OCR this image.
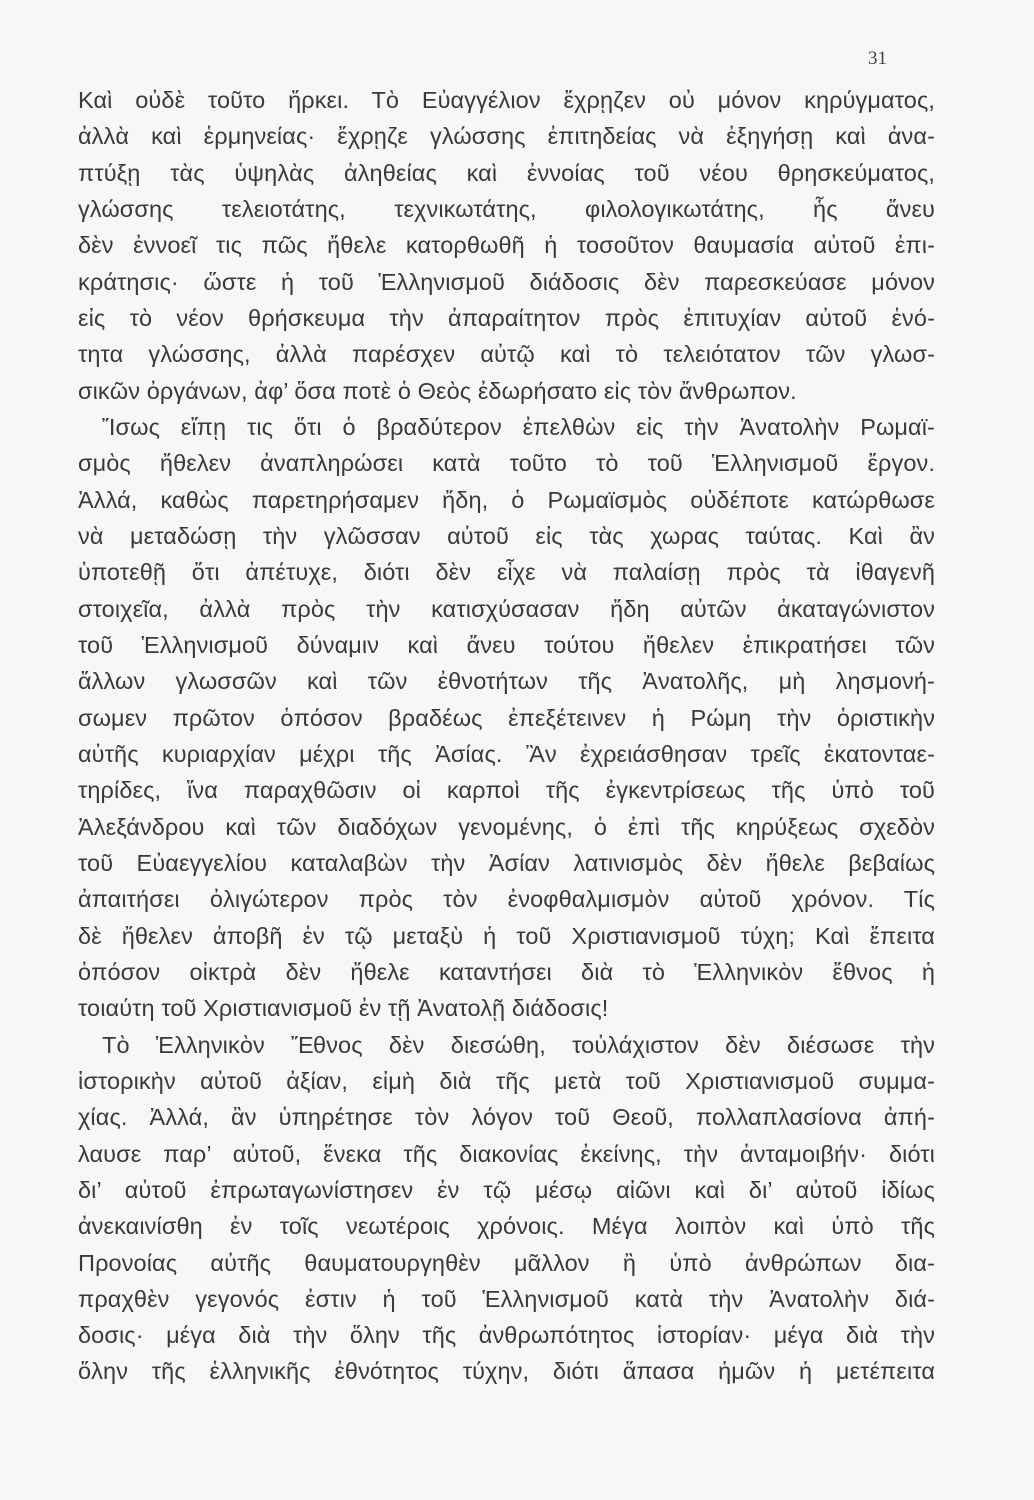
31
Καὶ οὐδὲ τοῦτο ἤρκει. Τὸ Εὐαγγέλιον ἔχρῃζεν οὐ μόνον κηρύγματος,
ἀλλὰ καὶ ἑρμηνείας· ἔχρῃζε γλώσσης ἐπιτηδείας νὰ ἐξηγήσῃ καὶ ἀνα-
πτύξῃ τὰς ὑψηλὰς ἀληθείας καὶ ἐννοίας τοῦ νέου θρησκεύματος,
γλώσσης τελειοτάτης, τεχνικωτάτης, φιλολογικωτάτης, ἧς ἄνευ
δὲν ἐννοεῖ τις πῶς ἤθελε κατορθωθῆ ἡ τοσοῦτον θαυμασία αὐτοῦ ἐπι-
κράτησις· ὥστε ἡ τοῦ Ἑλληνισμοῦ διάδοσις δὲν παρεσκεύασε μόνον
εἰς τὸ νέον θρήσκευμα τὴν ἀπαραίτητον πρὸς ἐπιτυχίαν αὐτοῦ ἑνό-
τητα γλώσσης, ἀλλὰ παρέσχεν αὐτῷ καὶ τὸ τελειότατον τῶν γλωσ-
σικῶν ὀργάνων, ἀφ’ ὅσα ποτὲ ὁ Θεὸς ἐδωρήσατο εἰς τὸν ἄνθρωπον.
Ἴσως εἴπῃ τις ὅτι ὁ βραδύτερον ἐπελθὼν εἰς τὴν Ἀνατολὴν Ρωμαϊ-
σμὸς ἤθελεν ἀναπληρώσει κατὰ τοῦτο τὸ τοῦ Ἑλληνισμοῦ ἔργον.
Ἀλλά, καθὼς παρετηρήσαμεν ἤδη, ὁ Ρωμαϊσμὸς οὐδέποτε κατώρθωσε
νὰ μεταδώσῃ τὴν γλῶσσαν αὐτοῦ εἰς τὰς χωρας ταύτας. Καὶ ἂν
ὑποτεθῇ ὅτι ἀπέτυχε, διότι δὲν εἶχε νὰ παλαίσῃ πρὸς τὰ ἰθαγενῆ
στοιχεῖα, ἀλλὰ πρὸς τὴν κατισχύσασαν ἤδη αὐτῶν ἀκαταγώνιστον
τοῦ Ἑλληνισμοῦ δύναμιν καὶ ἄνευ τούτου ἤθελεν ἐπικρατήσει τῶν
ἄλλων γλωσσῶν καὶ τῶν ἐθνοτήτων τῆς Ἀνατολῆς, μὴ λησμονή-
σωμεν πρῶτον ὁπόσον βραδέως ἐπεξέτεινεν ἡ Ρώμη τὴν ὁριστικὴν
αὐτῆς κυριαρχίαν μέχρι τῆς Ἀσίας. Ἂν ἐχρειάσθησαν τρεῖς ἑκατονταε-
τηρίδες, ἵνα παραχθῶσιν οἱ καρποὶ τῆς ἐγκεντρίσεως τῆς ὑπὸ τοῦ
Ἀλεξάνδρου καὶ τῶν διαδόχων γενομένης, ὁ ἐπὶ τῆς κηρύξεως σχεδὸν
τοῦ Εὐαεγγελίου καταλαβὼν τὴν Ἀσίαν λατινισμὸς δὲν ἤθελε βεβαίως
ἀπαιτήσει ὀλιγώτερον πρὸς τὸν ἐνοφθαλμισμὸν αὐτοῦ χρόνον. Τίς
δὲ ἤθελεν ἀποβῆ ἐν τῷ μεταξὺ ἡ τοῦ Χριστιανισμοῦ τύχη; Καὶ ἔπειτα
ὁπόσον οἰκτρὰ δὲν ἤθελε καταντήσει διὰ τὸ Ἑλληνικὸν ἔθνος ἡ
τοιαύτη τοῦ Χριστιανισμοῦ ἐν τῇ Ἀνατολῇ διάδοσις!
Τὸ Ἑλληνικὸν Ἔθνος δὲν διεσώθη, τοὐλάχιστον δὲν διέσωσε τὴν
ἱστορικὴν αὐτοῦ ἀξίαν, εἰμὴ διὰ τῆς μετὰ τοῦ Χριστιανισμοῦ συμμα-
χίας. Ἀλλά, ἂν ὑπηρέτησε τὸν λόγον τοῦ Θεοῦ, πολλαπλασίονα ἀπή-
λαυσε παρ’ αὐτοῦ, ἕνεκα τῆς διακονίας ἐκείνης, τὴν ἀνταμοιβήν· διότι
δι’ αὐτοῦ ἐπρωταγωνίστησεν ἐν τῷ μέσῳ αἰῶνι καὶ δι’ αὐτοῦ ἰδίως
ἀνεκαινίσθη ἐν τοῖς νεωτέροις χρόνοις. Μέγα λοιπὸν καὶ ὑπὸ τῆς
Προνοίας αὐτῆς θαυματουργηθὲν μᾶλλον ἢ ὑπὸ ἀνθρώπων δια-
πραχθὲν γεγονός ἐστιν ἡ τοῦ Ἑλληνισμοῦ κατὰ τὴν Ἀνατολὴν διά-
δοσις· μέγα διὰ τὴν ὅλην τῆς ἀνθρωπότητος ἱστορίαν· μέγα διὰ τὴν
ὅλην τῆς ἑλληνικῆς ἐθνότητος τύχην, διότι ἅπασα ἡμῶν ἡ μετέπειτα
